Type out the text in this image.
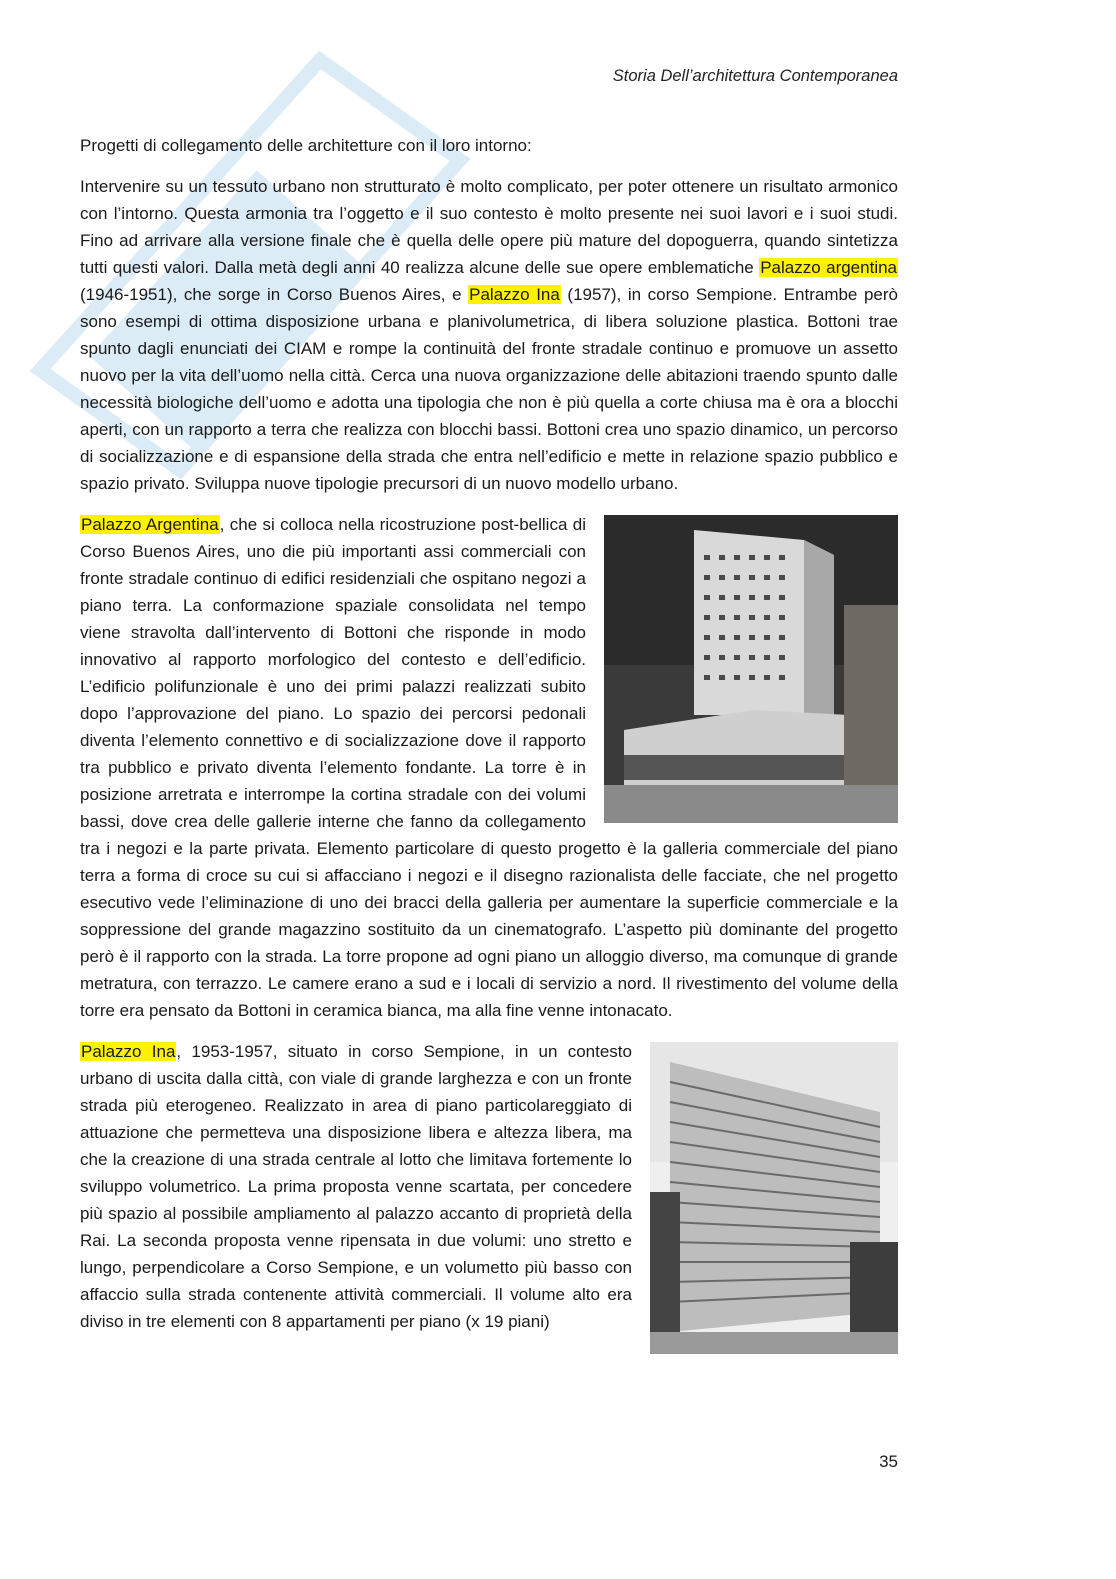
Storia Dell’architettura Contemporanea

Progetti di collegamento delle architetture con il loro intorno:

Intervenire su un tessuto urbano non strutturato è molto complicato, per poter ottenere un risultato armonico con l’intorno. Questa armonia tra l’oggetto e il suo contesto è molto presente nei suoi lavori e i suoi studi. Fino ad arrivare alla versione finale che è quella delle opere più mature del dopoguerra, quando sintetizza tutti questi valori. Dalla metà degli anni 40 realizza alcune delle sue opere emblematiche Palazzo argentina (1946-1951), che sorge in Corso Buenos Aires, e Palazzo Ina (1957), in corso Sempione. Entrambe però sono esempi di ottima disposizione urbana e planivolumetrica, di libera soluzione plastica. Bottoni trae spunto dagli enunciati dei CIAM e rompe la continuità del fronte stradale continuo e promuove un assetto nuovo per la vita dell’uomo nella città. Cerca una nuova organizzazione delle abitazioni traendo spunto dalle necessità biologiche dell’uomo e adotta una tipologia che non è più quella a corte chiusa ma è ora a blocchi aperti, con un rapporto a terra che realizza con blocchi bassi. Bottoni crea uno spazio dinamico, un percorso di socializzazione e di espansione della strada che entra nell’edificio e mette in relazione spazio pubblico e spazio privato. Sviluppa nuove tipologie precursori di un nuovo modello urbano.

Palazzo Argentina, che si colloca nella ricostruzione post-bellica di Corso Buenos Aires, uno die più importanti assi commerciali con fronte stradale continuo di edifici residenziali che ospitano negozi a piano terra. La conformazione spaziale consolidata nel tempo viene stravolta dall’intervento di Bottoni che risponde in modo innovativo al rapporto morfologico del contesto e dell’edificio. L’edificio polifunzionale è uno dei primi palazzi realizzati subito dopo l’approvazione del piano. Lo spazio dei percorsi pedonali diventa l’elemento connettivo e di socializzazione dove il rapporto tra pubblico e privato diventa l’elemento fondante. La torre è in posizione arretrata e interrompe la cortina stradale con dei volumi bassi, dove crea delle gallerie interne che fanno da collegamento tra i negozi e la parte privata. Elemento particolare di questo progetto è la galleria commerciale del piano terra a forma di croce su cui si affacciano i negozi e il disegno razionalista delle facciate, che nel progetto esecutivo vede l’eliminazione di uno dei bracci della galleria per aumentare la superficie commerciale e la soppressione del grande magazzino sostituito da un cinematografo. L’aspetto più dominante del progetto però è il rapporto con la strada. La torre propone ad ogni piano un alloggio diverso, ma comunque di grande metratura, con terrazzo. Le camere erano a sud e i locali di servizio a nord. Il rivestimento del volume della torre era pensato da Bottoni in ceramica bianca, ma alla fine venne intonacato.

Palazzo Ina, 1953-1957, situato in corso Sempione, in un contesto urbano di uscita dalla città, con viale di grande larghezza e con un fronte strada più eterogeneo. Realizzato in area di piano particolareggiato di attuazione che permetteva una disposizione libera e altezza libera, ma che la creazione di una strada centrale al lotto che limitava fortemente lo sviluppo volumetrico. La prima proposta venne scartata, per concedere più spazio al possibile ampliamento al palazzo accanto di proprietà della Rai. La seconda proposta venne ripensata in due volumi: uno stretto e lungo, perpendicolare a Corso Sempione, e un volumetto più basso con affaccio sulla strada contenente attività commerciali. Il volume alto era diviso in tre elementi con 8 appartamenti per piano (x 19 piani)

35
